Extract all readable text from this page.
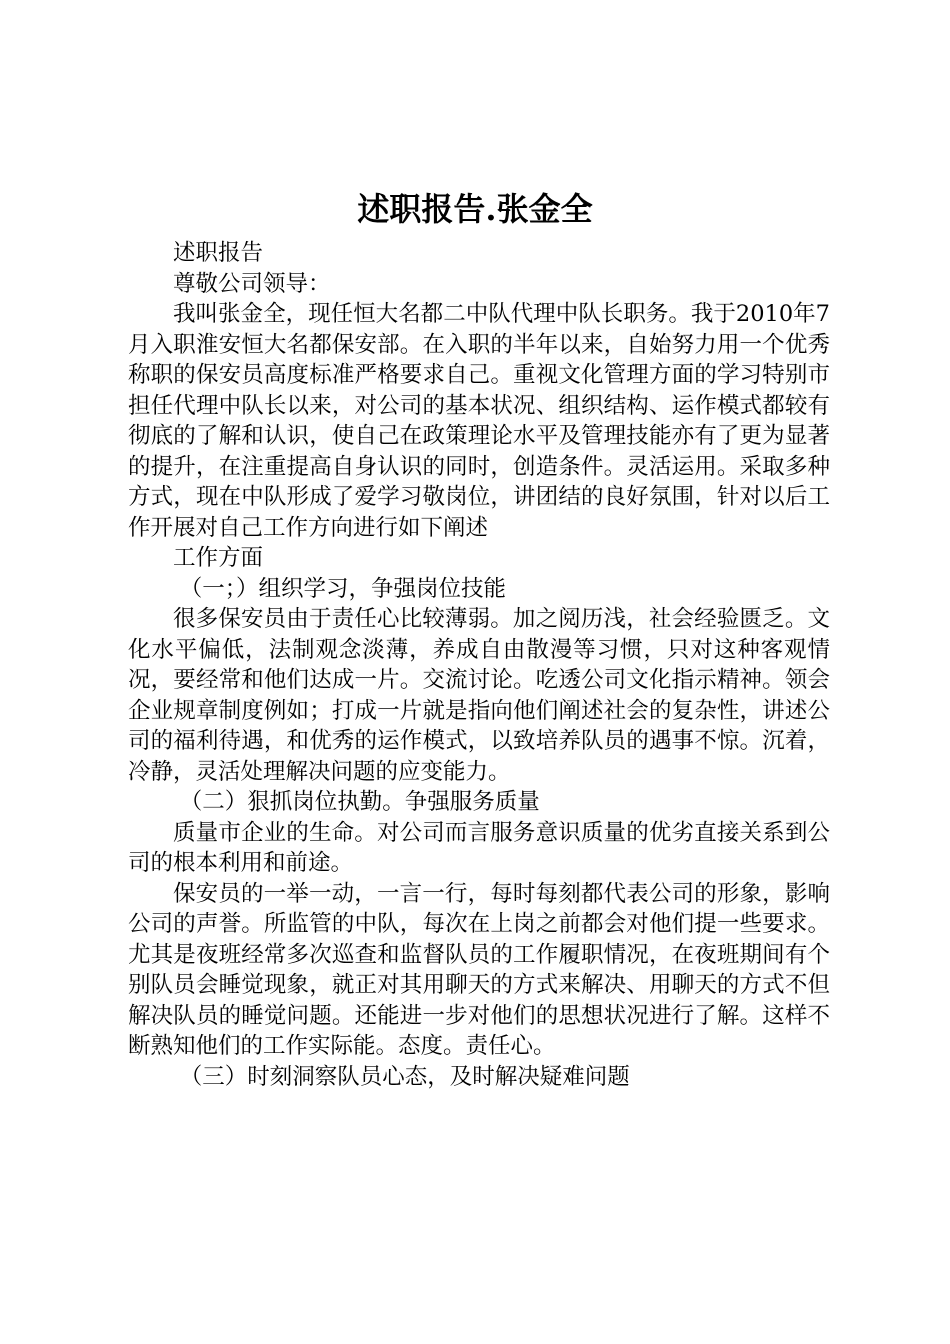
述职报告.张金全

述职报告

尊敬公司领导：

我叫张金全，现任恒大名都二中队代理中队长职务。我于2010年7月入职淮安恒大名都保安部。在入职的半年以来，自始努力用一个优秀称职的保安员高度标准严格要求自己。重视文化管理方面的学习特别市担任代理中队长以来，对公司的基本状况、组织结构、运作模式都较有彻底的了解和认识，使自己在政策理论水平及管理技能亦有了更为显著的提升，在注重提高自身认识的同时，创造条件。灵活运用。采取多种方式，现在中队形成了爱学习敬岗位，讲团结的良好氛围，针对以后工作开展对自己工作方向进行如下阐述

工作方面

（一；）组织学习，争强岗位技能

很多保安员由于责任心比较薄弱。加之阅历浅，社会经验匮乏。文化水平偏低，法制观念淡薄，养成自由散漫等习惯，只对这种客观情况，要经常和他们达成一片。交流讨论。吃透公司文化指示精神。领会企业规章制度例如；打成一片就是指向他们阐述社会的复杂性，讲述公司的福利待遇，和优秀的运作模式，以致培养队员的遇事不惊。沉着，冷静，灵活处理解决问题的应变能力。

（二）狠抓岗位执勤。争强服务质量

质量市企业的生命。对公司而言服务意识质量的优劣直接关系到公司的根本利用和前途。

保安员的一举一动，一言一行，每时每刻都代表公司的形象，影响公司的声誉。所监管的中队，每次在上岗之前都会对他们提一些要求。尤其是夜班经常多次巡查和监督队员的工作履职情况，在夜班期间有个别队员会睡觉现象，就正对其用聊天的方式来解决、用聊天的方式不但解决队员的睡觉问题。还能进一步对他们的思想状况进行了解。这样不断熟知他们的工作实际能。态度。责任心。

（三）时刻洞察队员心态，及时解决疑难问题
